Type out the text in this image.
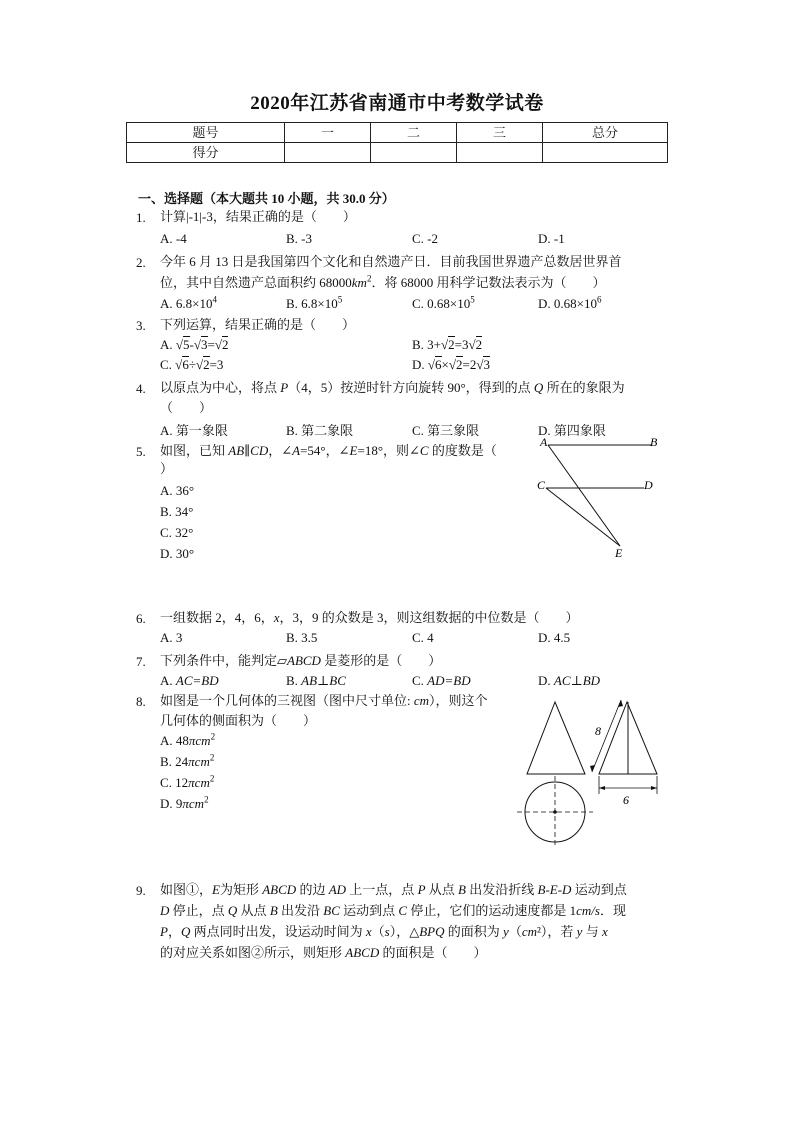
2020年江苏省南通市中考数学试卷
题号	一	二	三	总分
得分				
一、选择题（本大题共 10 小题，共 30.0 分）
1. 计算|-1|-3，结果正确的是（　　）
A. -4	B. -3	C. -2	D. -1
2. 今年 6 月 13 日是我国第四个文化和自然遗产日．目前我国世界遗产总数居世界首
位，其中自然遗产总面积约 $68000km^2$．将 68000 用科学记数法表示为（　　）
A. $6.8\times 10^4$	B. $6.8\times 10^5$	C. $0.68\times 10^5$	D. $0.68\times 10^6$
3. 下列运算，结果正确的是（　　）
A. √5-√3=√2	B. 3+√2=3√2
C. √6÷√2=3	D. √6×√2=2√3
4. 以原点为中心，将点 P（4，5）按逆时针方向旋转 90°，得到的点 Q 所在的象限为
（　　）
A. 第一象限	B. 第二象限	C. 第三象限	D. 第四象限
5. 如图，已知 AB∥CD，∠A=54°，∠E=18°，则∠C 的度数是（
）
A. 36°
B. 34°
C. 32°
D. 30°
A	B
C	D
E
6. 一组数据 2，4，6，x，3，9 的众数是 3，则这组数据的中位数是（　　）
A. 3	B. 3.5	C. 4	D. 4.5
7. 下列条件中，能判定▱ABCD 是菱形的是（　　）
A. AC=BD	B. AB⊥BC	C. AD=BD	D. AC⊥BD
8. 如图是一个几何体的三视图（图中尺寸单位: cm），则这个
几何体的侧面积为（　　）
A. 48πcm$^2$
B. 24πcm$^2$
C. 12πcm$^2$
D. 9πcm$^2$
8
6
9. 如图①，E为矩形 ABCD 的边 AD 上一点，点 P 从点 B 出发沿折线 B-E-D 运动到点
D 停止，点 Q 从点 B 出发沿 BC 运动到点 C 停止，它们的运动速度都是 1cm/s．现
P，Q 两点同时出发，设运动时间为 x（s），△BPQ 的面积为 y（cm²），若 y 与 x
的对应关系如图②所示，则矩形 ABCD 的面积是（　　）
